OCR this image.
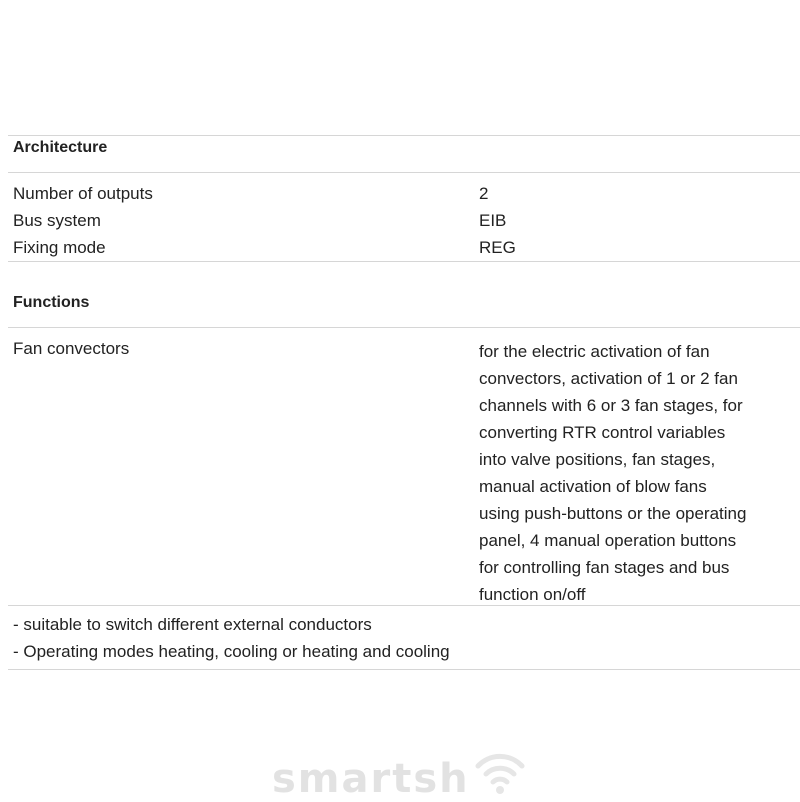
Architecture
Number of outputs	2
Bus system	EIB
Fixing mode	REG
Functions
Fan convectors	for the electric activation of fan
convectors, activation of 1 or 2 fan
channels with 6 or 3 fan stages, for
converting RTR control variables
into valve positions, fan stages,
manual activation of blow fans
using push-buttons or the operating
panel, 4 manual operation buttons
for controlling fan stages and bus
function on/off
- suitable to switch different external conductors
- Operating modes heating, cooling or heating and cooling
smartsh
